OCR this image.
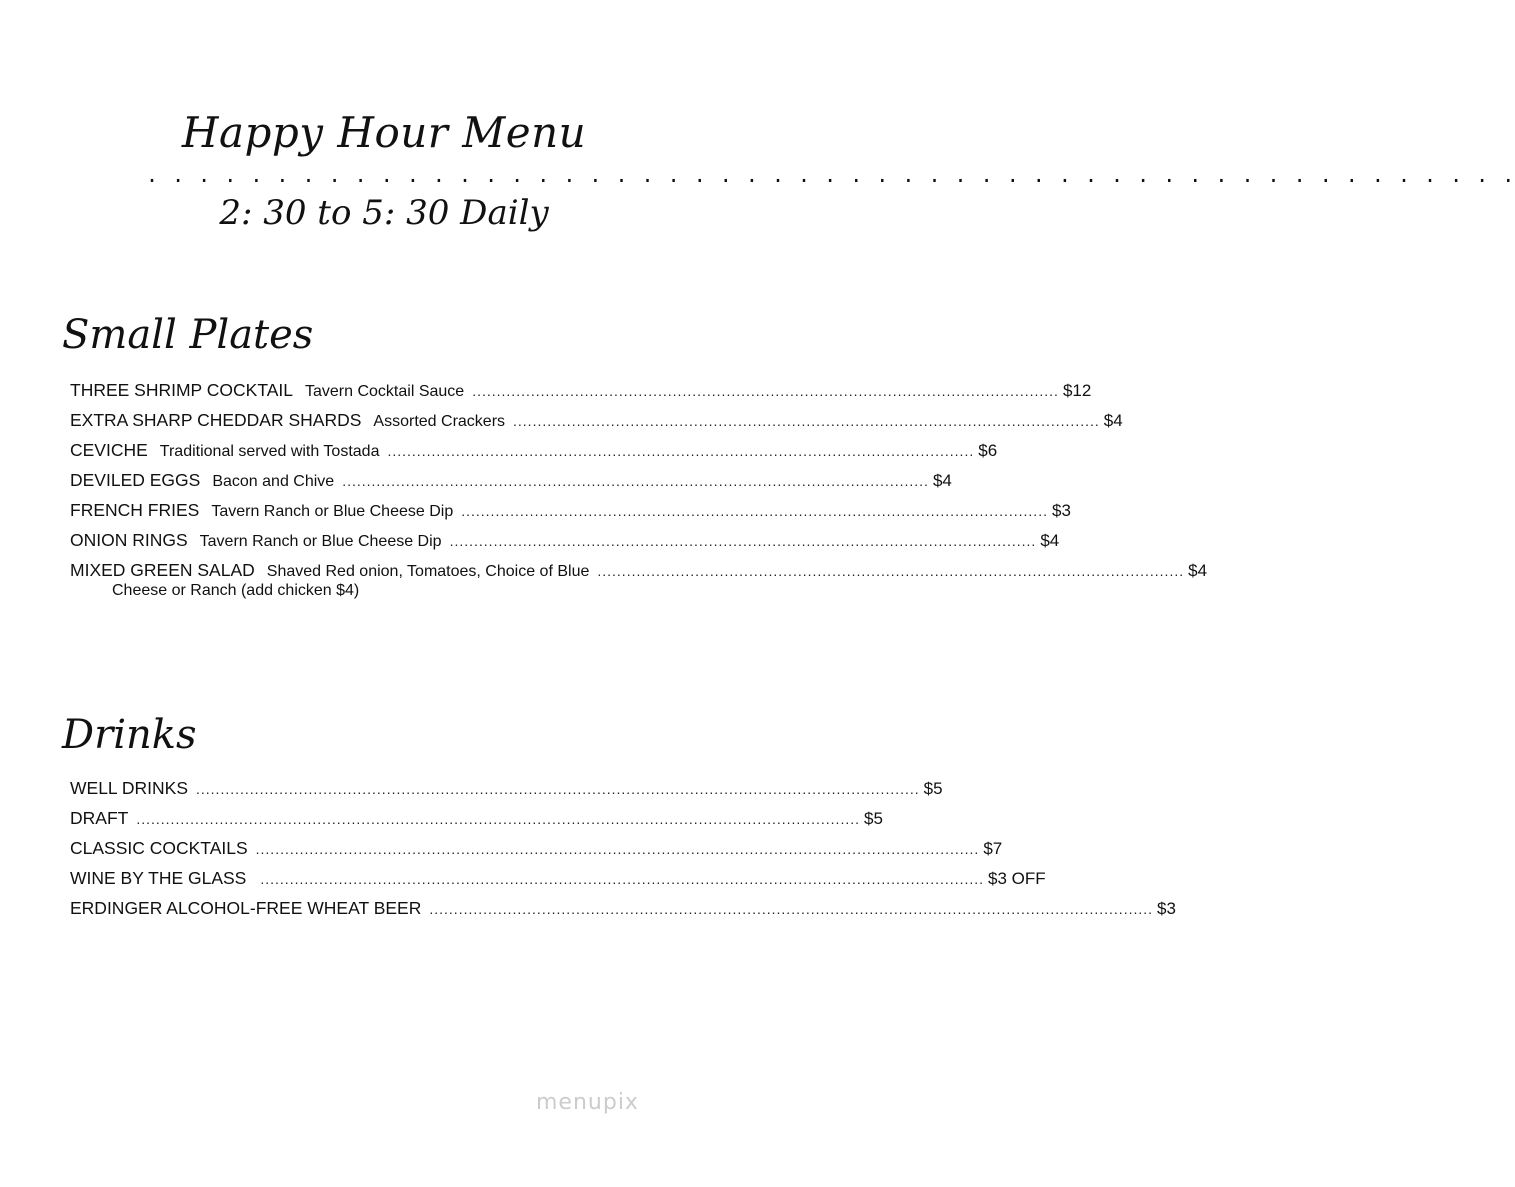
Happy Hour Menu
. . . . . . . . . . . . . . . . . . . . . . . . . . . . . . . . . . . . . . . . . . . . . . . . . . . . .
2: 30 to 5: 30 Daily
Small Plates
THREE SHRIMP COCKTAIL Tavern Cocktail Sauce ........................................................................................................................ $12
EXTRA SHARP CHEDDAR SHARDS Assorted Crackers ........................................................................................................................ $4
CEVICHE Traditional served with Tostada ........................................................................................................................ $6
DEVILED EGGS Bacon and Chive ........................................................................................................................ $4
FRENCH FRIES Tavern Ranch or Blue Cheese Dip ........................................................................................................................ $3
ONION RINGS Tavern Ranch or Blue Cheese Dip ........................................................................................................................ $4
MIXED GREEN SALAD Shaved Red onion, Tomatoes, Choice of Blue ........................................................................................................................ $4
Cheese or Ranch (add chicken $4)
Drinks
WELL DRINKS .................................................................................................................................................... $5
DRAFT .................................................................................................................................................... $5
CLASSIC COCKTAILS .................................................................................................................................................... $7
WINE BY THE GLASS .................................................................................................................................................... $3 OFF
ERDINGER ALCOHOL-FREE WHEAT BEER .................................................................................................................................................... $3
menupix
